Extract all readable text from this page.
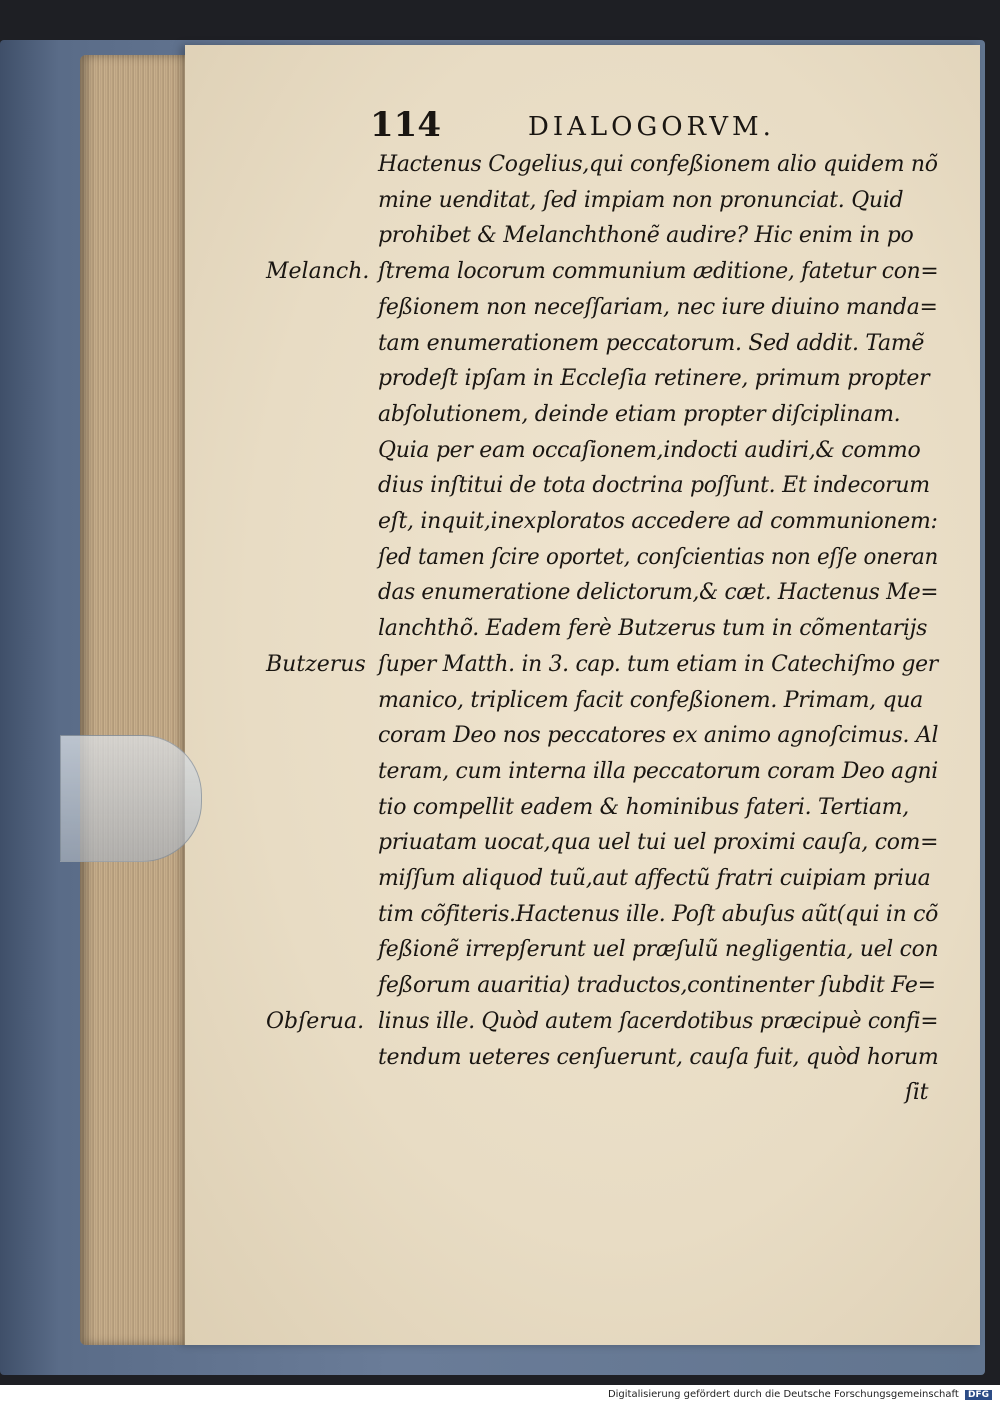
114	DIALOGORVM.
Hactenus Cogelius,qui confeßionem alio quidem nõ
mine uenditat, ſed impiam non pronunciat. Quid
prohibet & Melanchthonẽ audire? Hic enim in po
ſtrema locorum communium æditione, fatetur con=
feßionem non neceſſariam, nec iure diuino manda=
tam enumerationem peccatorum. Sed addit. Tamẽ
prodeſt ipſam in Eccleſia retinere, primum propter
abſolutionem, deinde etiam propter diſciplinam.
Quia per eam occaſionem,indocti audiri,& commo
dius inſtitui de tota doctrina poſſunt. Et indecorum
eſt, inquit,inexploratos accedere ad communionem:
ſed tamen ſcire oportet, conſcientias non eſſe oneran
das enumeratione delictorum,& cæt. Hactenus Me=
lanchthõ. Eadem ferè Butzerus tum in cõmentarijs
ſuper Matth. in 3. cap. tum etiam in Catechiſmo ger
manico, triplicem facit confeßionem. Primam, qua
coram Deo nos peccatores ex animo agnoſcimus. Al
teram, cum interna illa peccatorum coram Deo agni
tio compellit eadem & hominibus fateri. Tertiam,
priuatam uocat,qua uel tui uel proximi cauſa, com=
miſſum aliquod tuũ,aut affectũ fratri cuipiam priua
tim cõfiteris.Hactenus ille. Poſt abuſus aũt(qui in cõ
feßionẽ irrepſerunt uel præſulũ negligentia, uel con
feßorum auaritia) traductos,continenter ſubdit Fe=
linus ille. Quòd autem ſacerdotibus præcipuè confi=
tendum ueteres cenſuerunt, cauſa fuit, quòd horum
Melanch.
Butzerus
Obſerua.
ſit
Digitalisierung gefördert durch die Deutsche Forschungsgemeinschaft DFG
